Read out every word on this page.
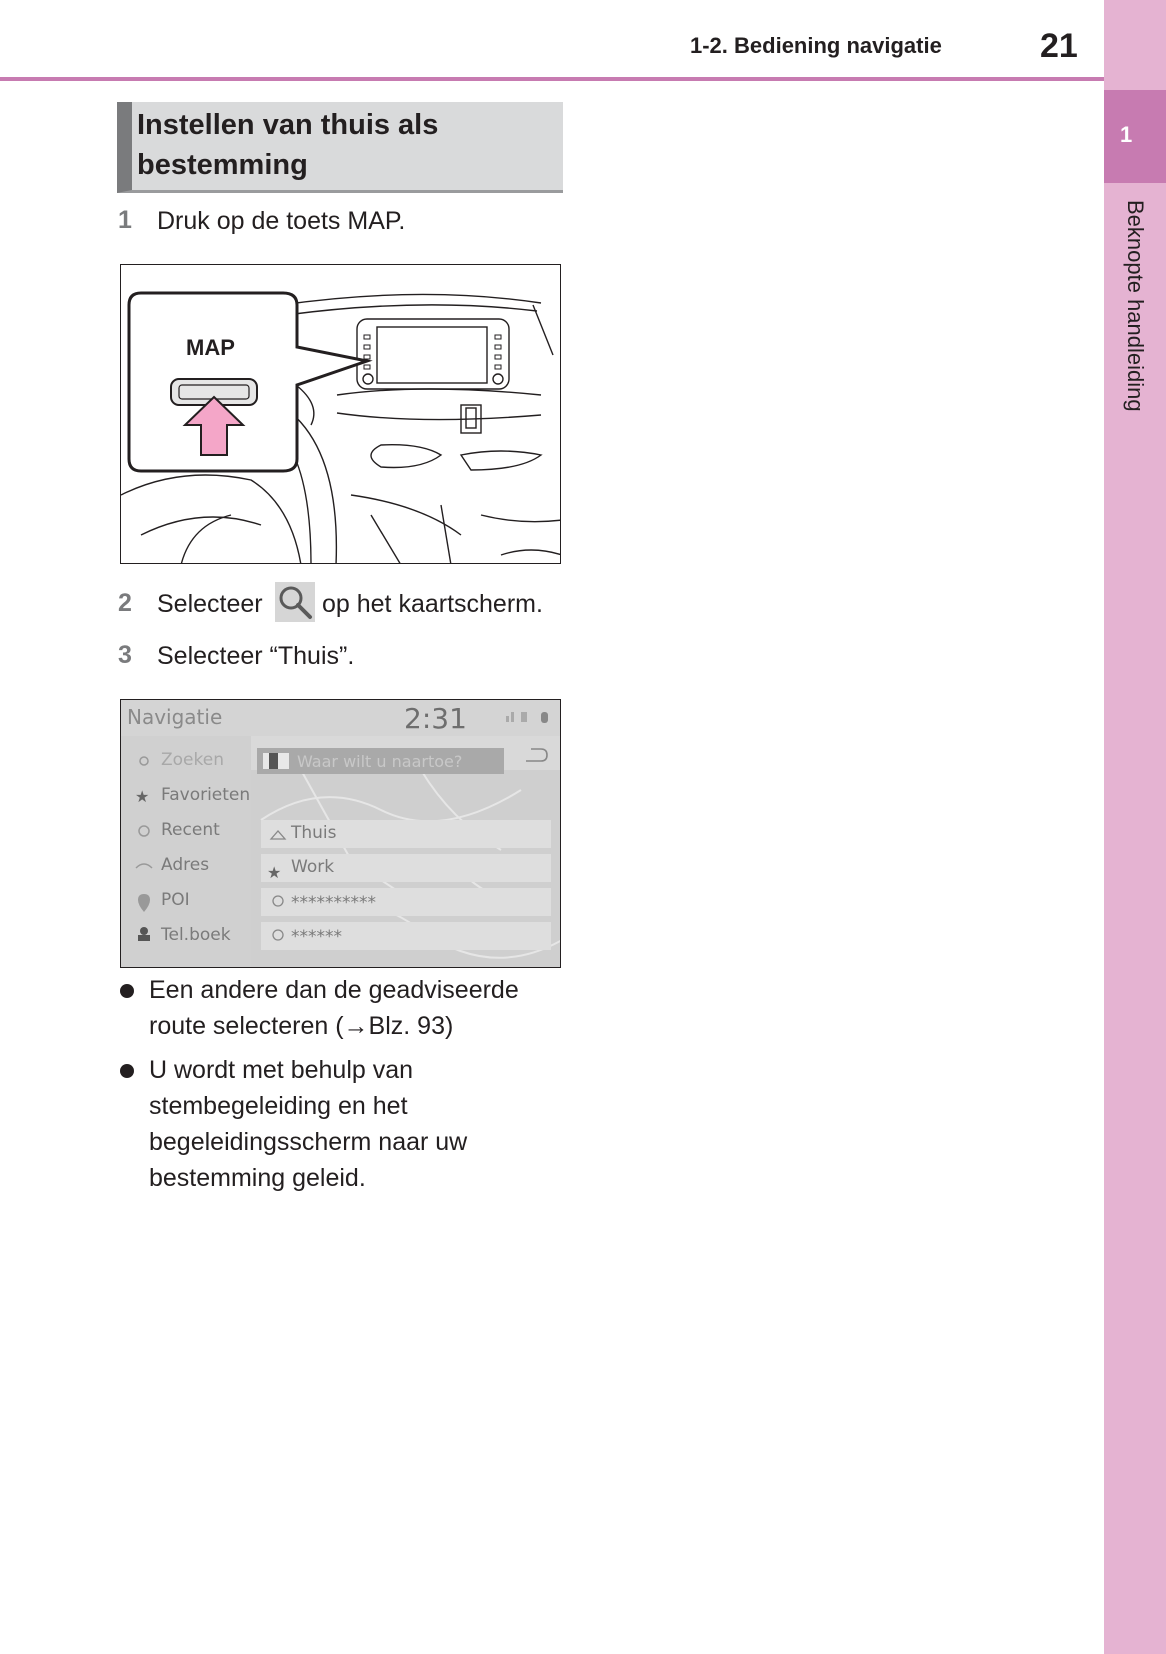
1-2. Bediening navigatie	21
1
Beknopte handleiding
Instellen van thuis als bestemming
1 Druk op de toets MAP.
MAP
2 Selecteer op het kaartscherm.
3 Selecteer “Thuis”.
★
★
Navigatie	2:31
Waar wilt u naartoe?
Zoeken
Favorieten
Recent
Adres
POI
Tel.boek
Thuis
Work
**********
******
Een andere dan de geadviseerde route selecteren (→Blz. 93)
U wordt met behulp van stembegeleiding en het begeleidingsscherm naar uw bestemming geleid.
